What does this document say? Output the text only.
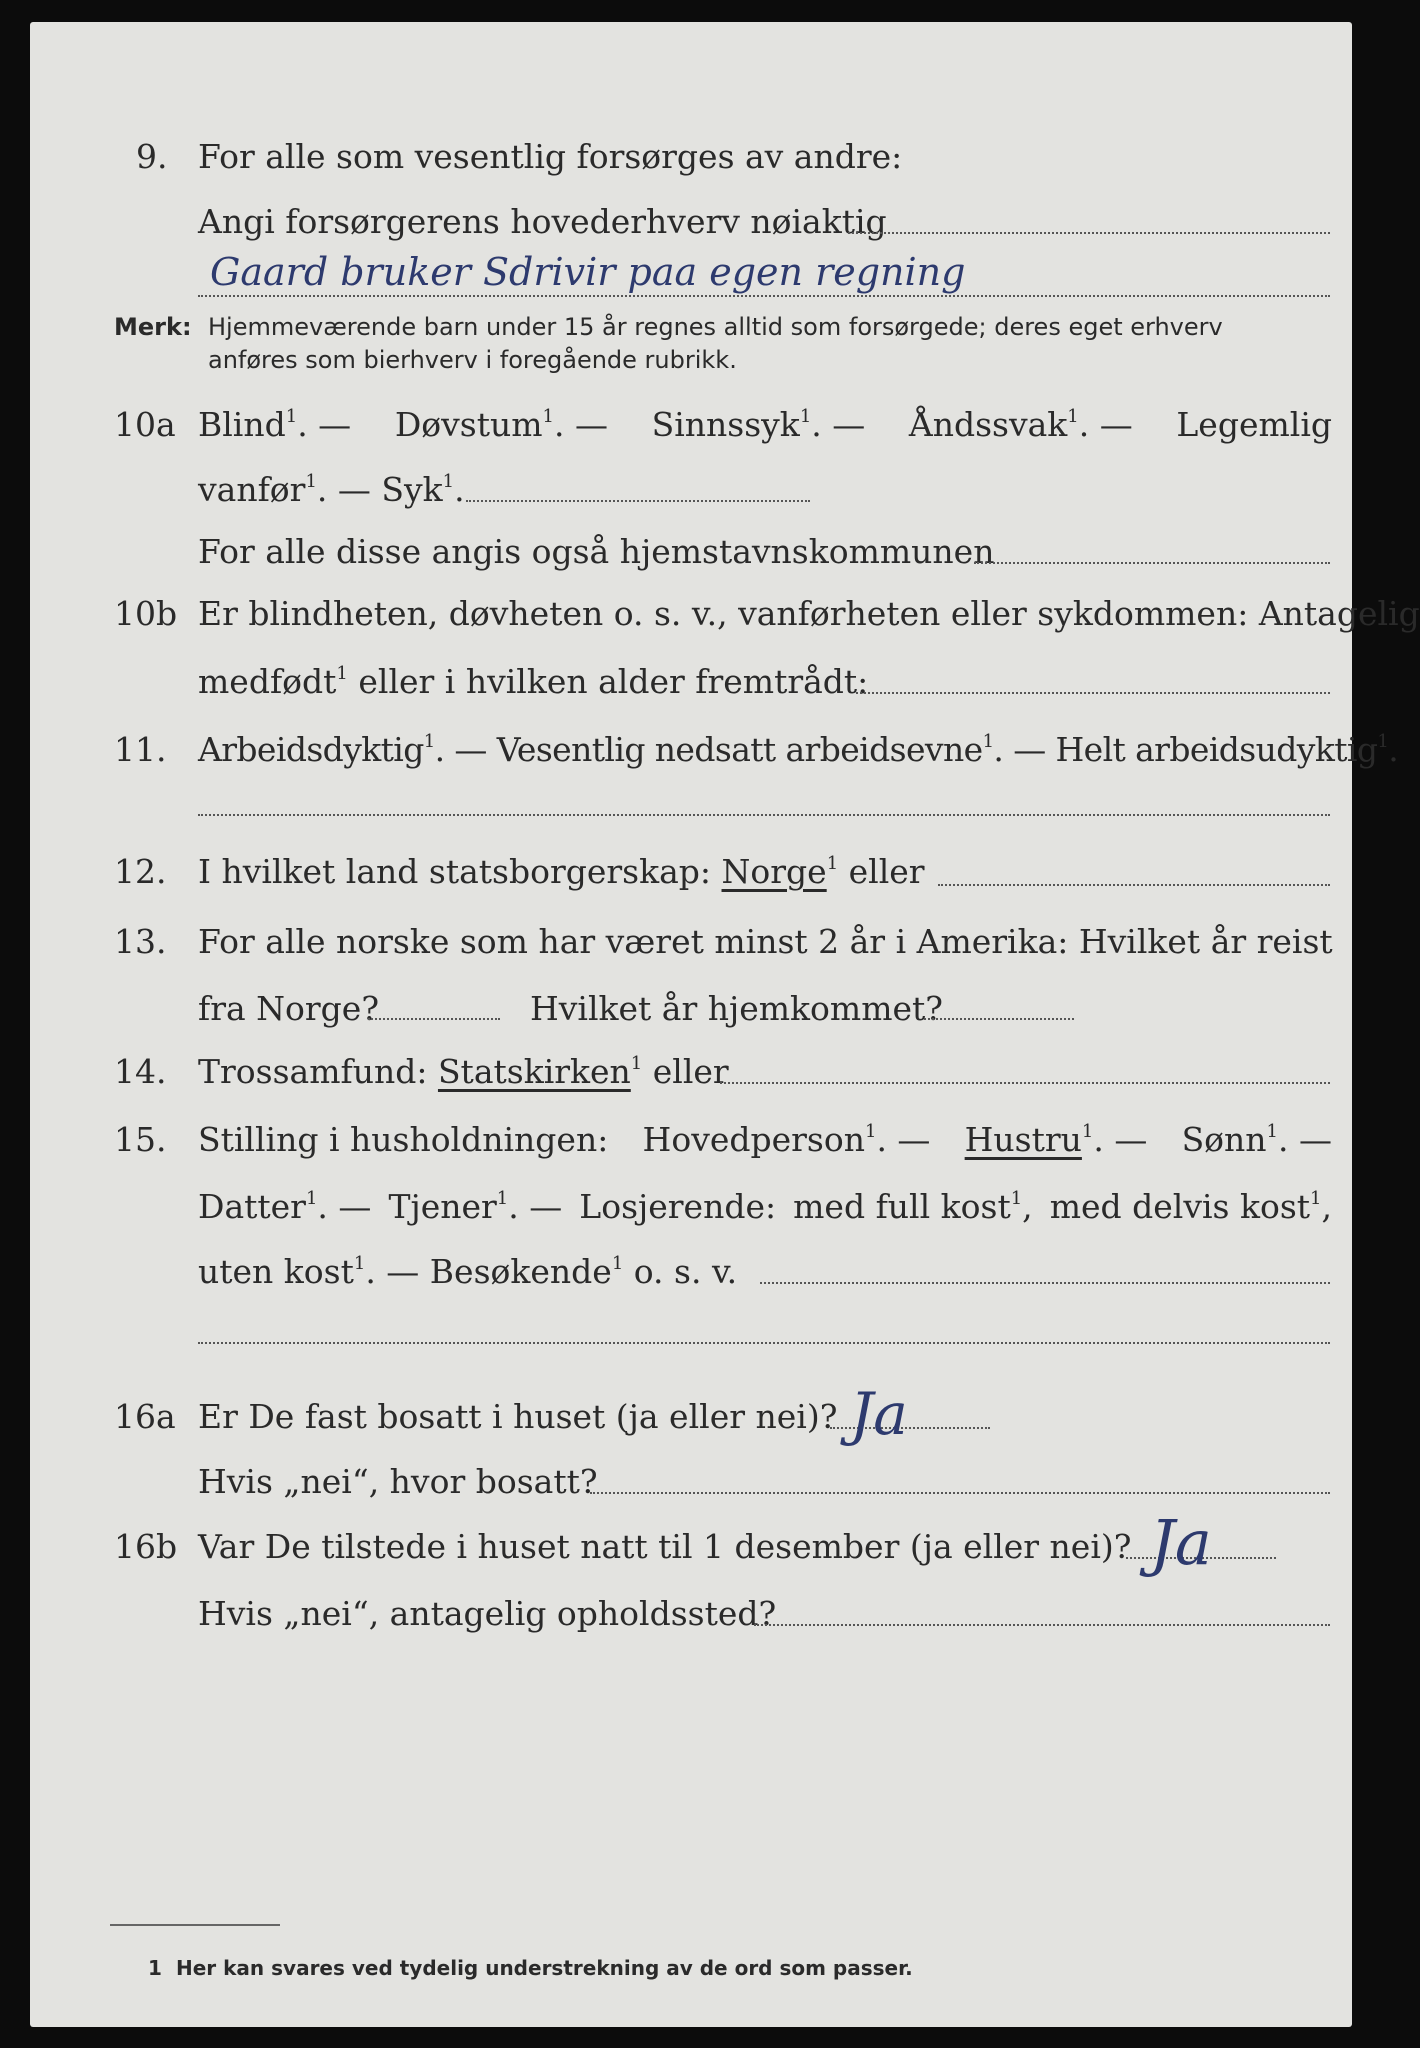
9. For alle som vesentlig forsørges av andre:
Angi forsørgerens hovederhverv nøiaktig
Gaard bruker Sdrivir paa egen regning
Merk: Hjemmeværende barn under 15 år regnes alltid som forsørgede; deres eget erhverv
anføres som bierhverv i foregående rubrikk.
10a Blind$^1$. — Døvstum$^1$. — Sinnssyk$^1$. — Åndssvak$^1$. — Legemlig
vanfør$^1$. — Syk$^1$.
For alle disse angis også hjemstavnskommunen
10b Er blindheten, døvheten o. s. v., vanførheten eller sykdommen: Antagelig
medfødt$^1$ eller i hvilken alder fremtrådt:
11. Arbeidsdyktig$^1$. — Vesentlig nedsatt arbeidsevne$^1$. — Helt arbeidsudyktig$^1$.
12. I hvilket land statsborgerskap: Norge$^1$ eller
13. For alle norske som har været minst 2 år i Amerika: Hvilket år reist
fra Norge?	Hvilket år hjemkommet?
14. Trossamfund: Statskirken$^1$ eller
15. Stilling i husholdningen: Hovedperson$^1$. — Hustru$^1$. — Sønn$^1$. —
Datter$^1$. — Tjener$^1$. — Losjerende: med full kost$^1$, med delvis kost$^1$,
uten kost$^1$. — Besøkende$^1$ o. s. v.
16a Er De fast bosatt i huset (ja eller nei)? Ja
Hvis „nei“, hvor bosatt?
16b Var De tilstede i huset natt til 1 desember (ja eller nei)? Ja
Hvis „nei“, antagelig opholdssted?
1 Her kan svares ved tydelig understrekning av de ord som passer.
